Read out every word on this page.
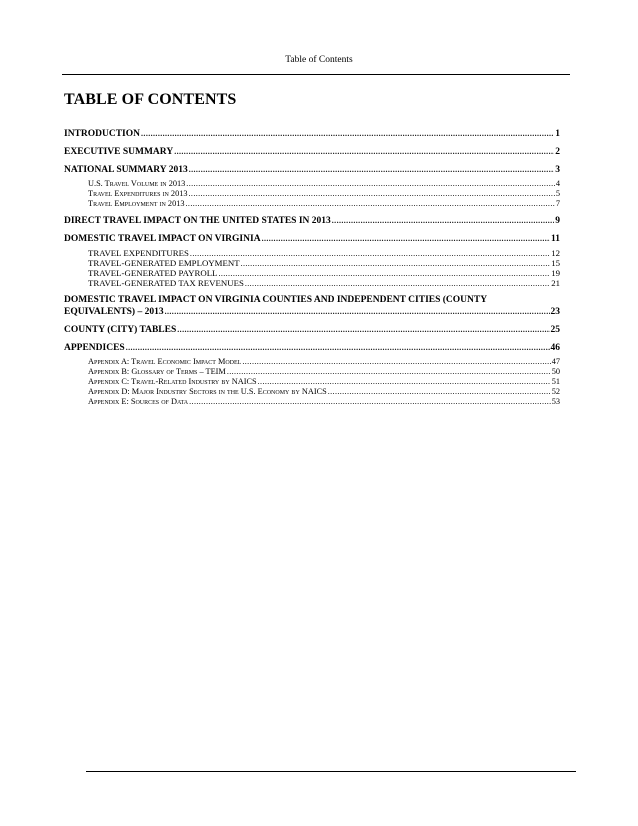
Table of Contents
TABLE OF CONTENTS
INTRODUCTION .....	1
EXECUTIVE SUMMARY .....	2
NATIONAL SUMMARY 2013 .....	3
U.S. Travel Volume in 2013 .....	4
Travel Expenditures in 2013 .....	5
Travel Employment in 2013 .....	7
DIRECT TRAVEL IMPACT ON THE UNITED STATES IN 2013 .....	9
DOMESTIC TRAVEL IMPACT ON VIRGINIA .....	11
TRAVEL EXPENDITURES .....	12
TRAVEL-GENERATED EMPLOYMENT .....	15
TRAVEL-GENERATED PAYROLL .....	19
TRAVEL-GENERATED TAX REVENUES .....	21
DOMESTIC TRAVEL IMPACT ON VIRGINIA COUNTIES AND INDEPENDENT CITIES (COUNTY
EQUIVALENTS) – 2013 .....	23
COUNTY (CITY) TABLES .....	25
APPENDICES .....	46
Appendix A: Travel Economic Impact Model .....	47
Appendix B: Glossary of Terms – TEIM .....	50
Appendix C: Travel-Related Industry by NAICS .....	51
Appendix D: Major Industry Sectors in the U.S. Economy by NAICS .....	52
Appendix E: Sources of Data .....	53
